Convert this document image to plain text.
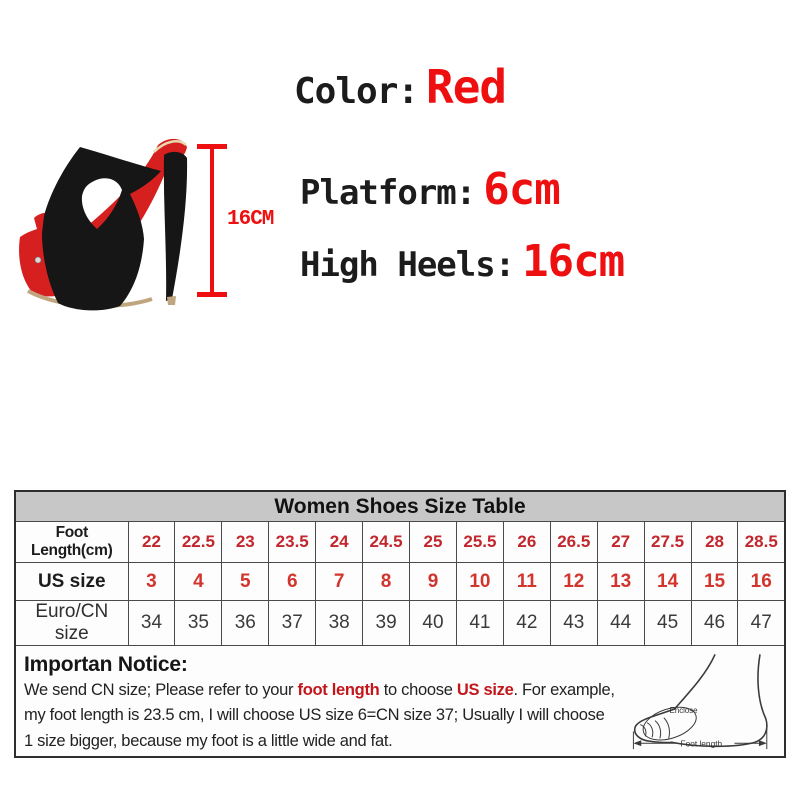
Color: Red
16CM
Platform: 6cm
High Heels: 16cm
Women Shoes Size Table														
Foot Length(cm)	22	22.5	23	23.5	24	24.5	25	25.5	26	26.5	27	27.5	28	28.5
US size	3	4	5	6	7	8	9	10	11	12	13	14	15	16
Euro/CN size	34	35	36	37	38	39	40	41	42	43	44	45	46	47

Importan Notice:
We send CN size; Please refer to your foot length to choose US size. For example,
my foot length is 23.5 cm, I will choose US size 6=CN size 37; Usually I will choose
1 size bigger, because my foot is a little wide and fat.
Enclose
Foot length
